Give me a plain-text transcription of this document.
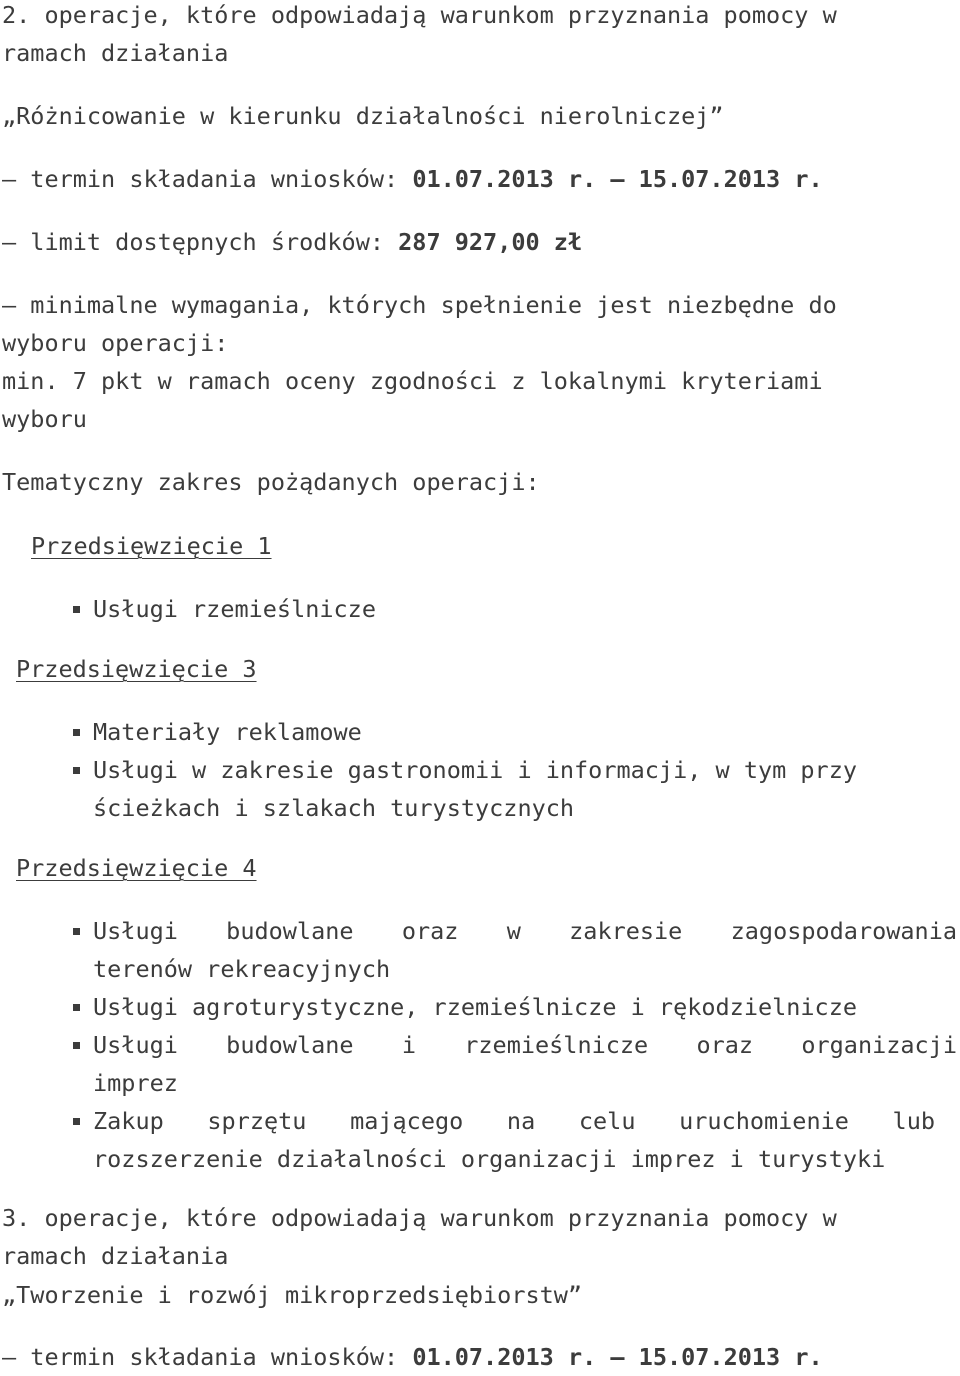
2. operacje, które odpowiadają warunkom przyznania pomocy w
ramach działania
„Różnicowanie w kierunku działalności nierolniczej”
– termin składania wniosków: 01.07.2013 r. – 15.07.2013 r.
– limit dostępnych środków: 287 927,00 zł
– minimalne wymagania, których spełnienie jest niezbędne do
wyboru operacji:
min. 7 pkt w ramach oceny zgodności z lokalnymi kryteriami
wyboru
Tematyczny zakres pożądanych operacji:
Przedsięwzięcie 1
Usługi rzemieślnicze
Przedsięwzięcie 3
Materiały reklamowe
Usługi w zakresie gastronomii i informacji, w tym przy
ścieżkach i szlakach turystycznych
Przedsięwzięcie 4
Usługi budowlane oraz w zakresie zagospodarowania
terenów rekreacyjnych
Usługi agroturystyczne, rzemieślnicze i rękodzielnicze
Usługi budowlane i rzemieślnicze oraz organizacji
imprez
Zakup sprzętu mającego na celu uruchomienie lub
rozszerzenie działalności organizacji imprez i turystyki
3. operacje, które odpowiadają warunkom przyznania pomocy w
ramach działania
„Tworzenie i rozwój mikroprzedsiębiorstw”
– termin składania wniosków: 01.07.2013 r. – 15.07.2013 r.
